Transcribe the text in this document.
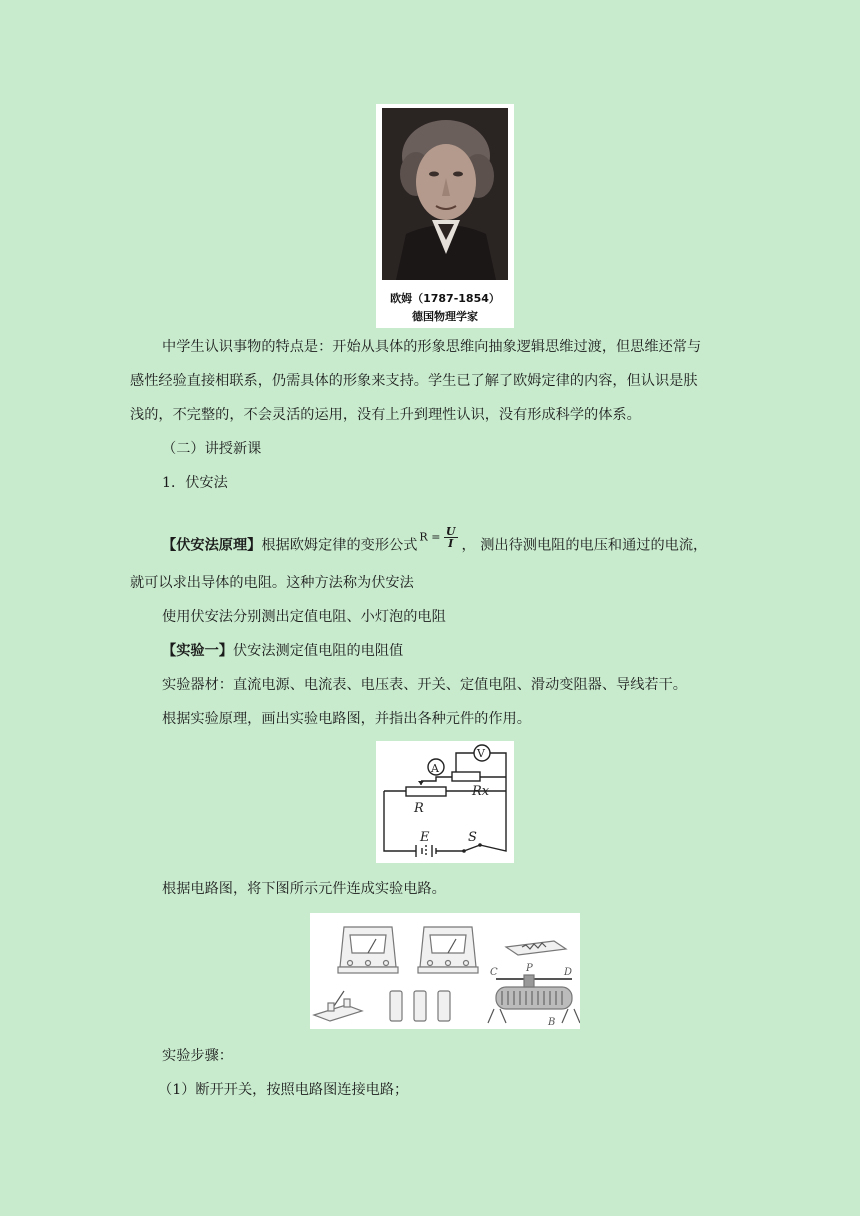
欧姆（1787-1854）
德国物理学家
中学生认识事物的特点是：开始从具体的形象思维向抽象逻辑思维过渡，但思维还常与
感性经验直接相联系，仍需具体的形象来支持。学生已了解了欧姆定律的内容，但认识是肤
浅的，不完整的，不会灵活的运用，没有上升到理性认识，没有形成科学的体系。
（二）讲授新课
1．伏安法
【伏安法原理】根据欧姆定律的变形公式$R = \frac{U}{I}$ ， 测出待测电阻的电压和通过的电流，
就可以求出导体的电阻。这种方法称为伏安法
使用伏安法分别测出定值电阻、小灯泡的电阻
【实验一】伏安法测定值电阻的电阻值
实验器材：直流电源、电流表、电压表、开关、定值电阻、滑动变阻器、导线若干。
根据实验原理，画出实验电路图，并指出各种元件的作用。
A
V
R
Rx
E	S
根据电路图，将下图所示元件连成实验电路。
C	P	D
B
实验步骤：
（1）断开开关，按照电路图连接电路；
